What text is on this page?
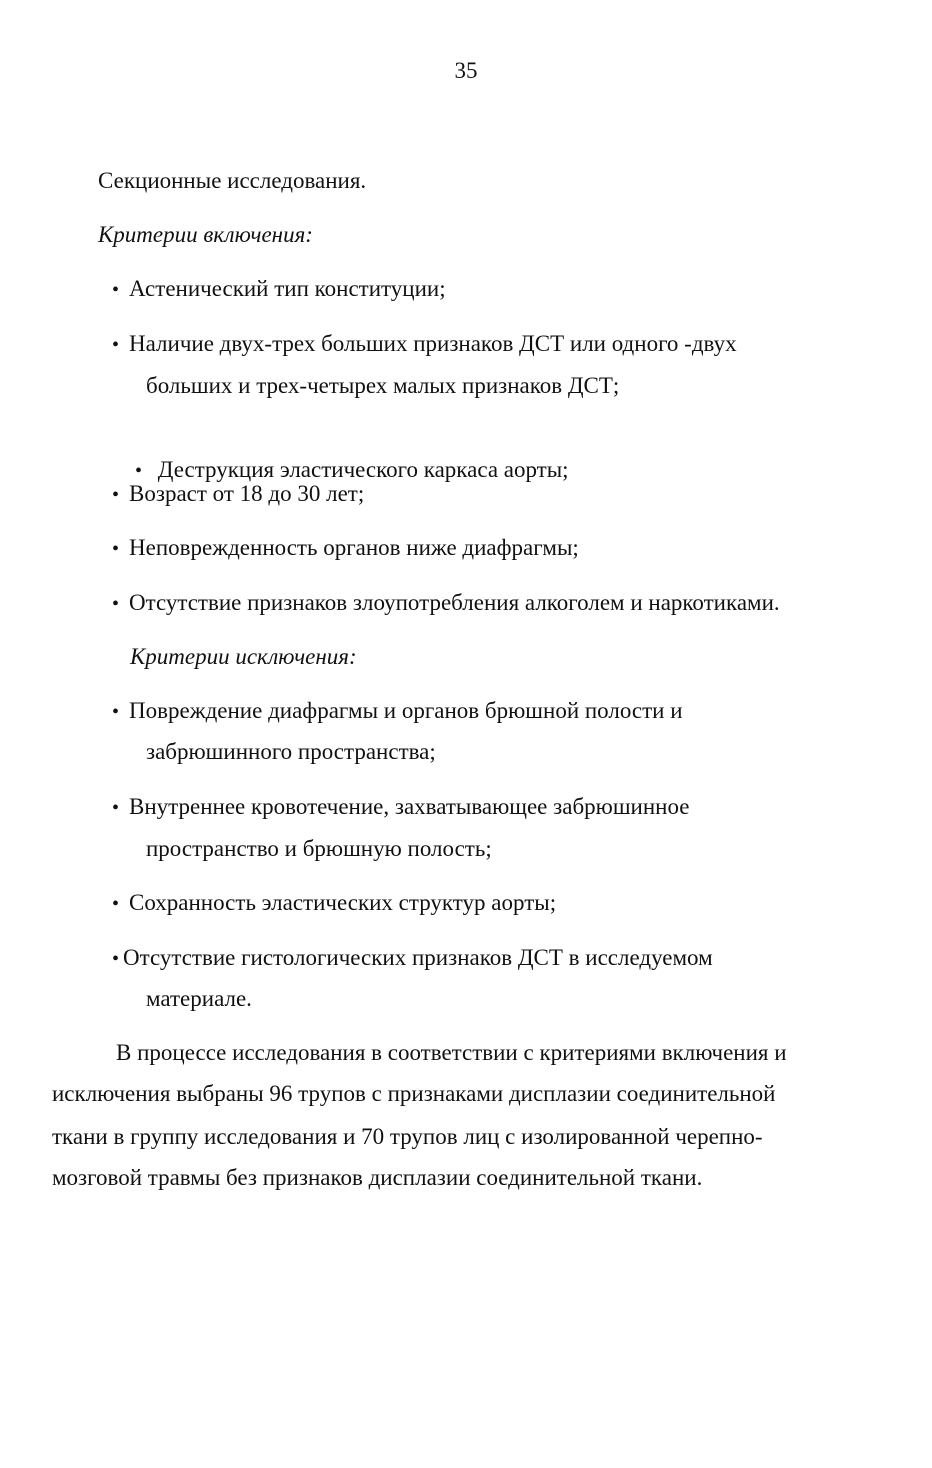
35
Секционные исследования.
Критерии включения:
• Астенический тип конституции;
• Наличие двух-трех больших признаков ДСТ или одного -двух
больших и трех-четырех малых признаков ДСТ;

• Деструкция эластического каркаса аорты;

• Возраст от 18 до 30 лет;
• Неповрежденность органов ниже диафрагмы;
• Отсутствие признаков злоупотребления алкоголем и наркотиками.
Критерии исключения:
• Повреждение диафрагмы и органов брюшной полости и
забрюшинного пространства;
• Внутреннее кровотечение, захватывающее забрюшинное
пространство и брюшную полость;
• Сохранность эластических структур аорты;
• Отсутствие гистологических признаков ДСТ в исследуемом
материале.
В процессе исследования в соответствии с критериями включения и
исключения выбраны 96 трупов с признаками дисплазии соединительной
ткани в группу исследования и 70 трупов лиц с изолированной черепно-
мозговой травмы без признаков дисплазии соединительной ткани.
